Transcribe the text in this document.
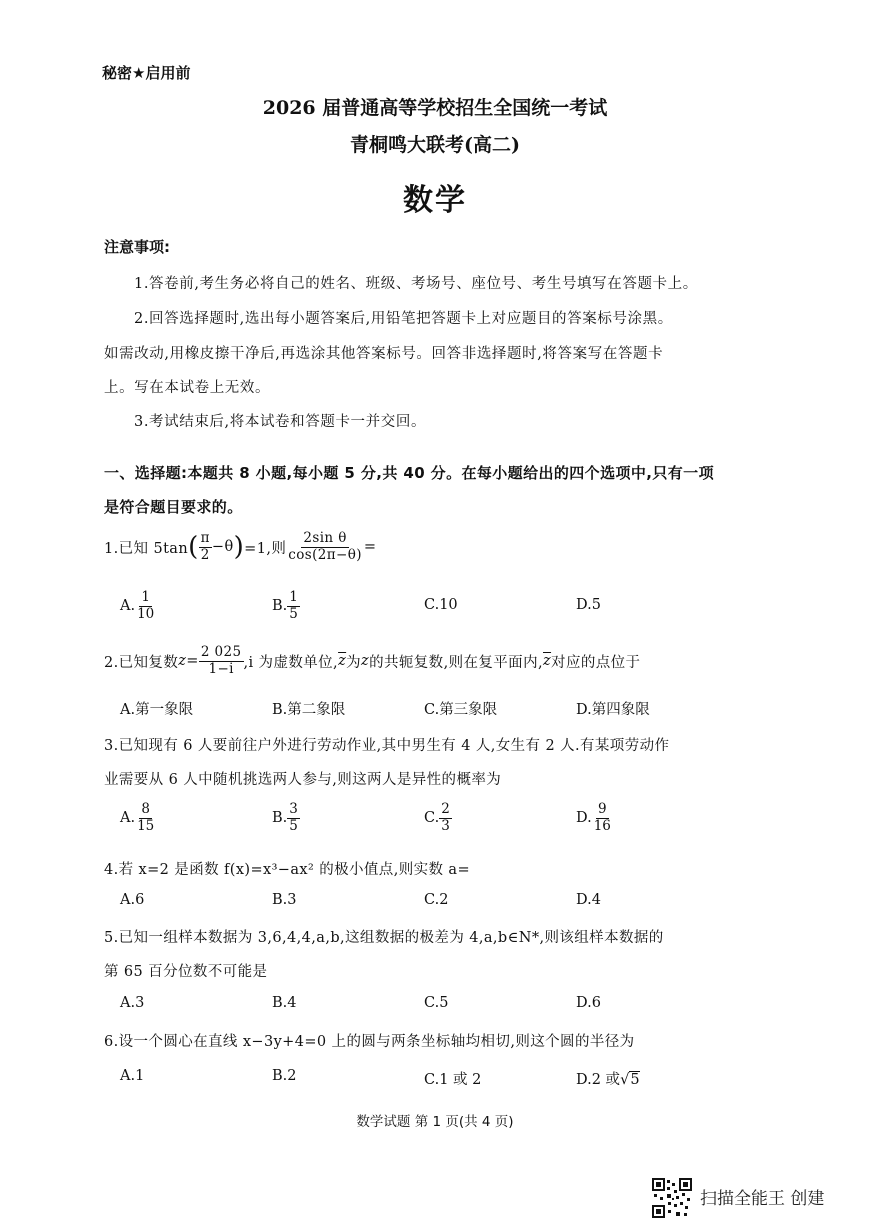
秘密★启用前
2026 届普通高等学校招生全国统一考试
青桐鸣大联考(高二)
数学
注意事项:
1.答卷前,考生务必将自己的姓名、班级、考场号、座位号、考生号填写在答题卡上。
2.回答选择题时,选出每小题答案后,用铅笔把答题卡上对应题目的答案标号涂黑。
如需改动,用橡皮擦干净后,再选涂其他答案标号。回答非选择题时,将答案写在答题卡
上。写在本试卷上无效。
3.考试结束后,将本试卷和答题卡一并交回。
一、选择题:本题共 8 小题,每小题 5 分,共 40 分。在每小题给出的四个选项中,只有一项
是符合题目要求的。
1.已知 5tan ( $\frac{\pi}{2} -\theta$ ) =1,则 $\frac{\text{2sin θ}}{\cos(2\pi-\theta)}$ =
A. $\frac{1}{10}$	B. $\frac{1}{5}$	C.10	D.5
2.已知复数 $z = \frac{2 025}{1-i} ,i$ 为虚数单位, $\overline{z}$ 为 z 的共轭复数,则在复平面内, $\overline{z}$ 对应的点位于
A.第一象限	B.第二象限	C.第三象限	D.第四象限
3.已知现有 6 人要前往户外进行劳动作业,其中男生有 4 人,女生有 2 人.有某项劳动作
业需要从 6 人中随机挑选两人参与,则这两人是异性的概率为
A. $\frac{8}{15}$	B. $\frac{3}{5}$	C. $\frac{2}{3}$	D. $\frac{9}{16}$
4.若 x=2 是函数 f(x)=x³−ax² 的极小值点,则实数 a=
A.6	B.3	C.2	D.4
5.已知一组样本数据为 3,6,4,4,a,b,这组数据的极差为 4,a,b∈N*,则该组样本数据的
第 65 百分位数不可能是
A.3	B.4	C.5	D.6
6.设一个圆心在直线 x−3y+4=0 上的圆与两条坐标轴均相切,则这个圆的半径为
A.1	B.2	C.1 或 2	D.2 或√5
数学试题 第 1 页(共 4 页)
扫描全能王 创建
